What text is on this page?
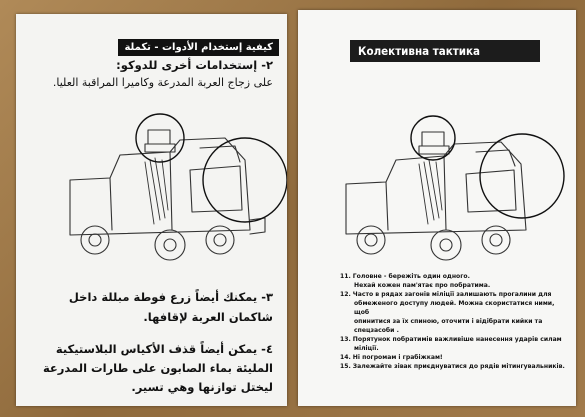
كيفية إستخدام الأدوات - تكملة
٢- إستخدامات أخرى للدوكو:
على زجاج العربة المدرعة وكاميرا المراقبة العليا.
٣- يمكنك أيضاً زرع فوطة مبللة داخل شاكمان العربة لإقافها.
٤- يمكن أيضاً قذف الأكياس البلاستيكية المليئة بماء الصابون على طارات المدرعة ليختل توازنها وهي تسير.
Колективна тактика
11. Головне - бережіть один одного.
Нехай кожен пам'ятає про побратима.
12. Часто в рядах загонів міліції залишають прогалини для
обмеженого доступу людей. Можна скористатися ними, щоб
опинитися за їх спиною, оточити і відібрати кийки та спецзасоби .
13. Порятунок побратимів важливіше нанесення ударів силам
міліції.
14. Ні погромам і грабіжкам!
15. Залежайте зівак приєднуватися до рядів мітингувальників.
